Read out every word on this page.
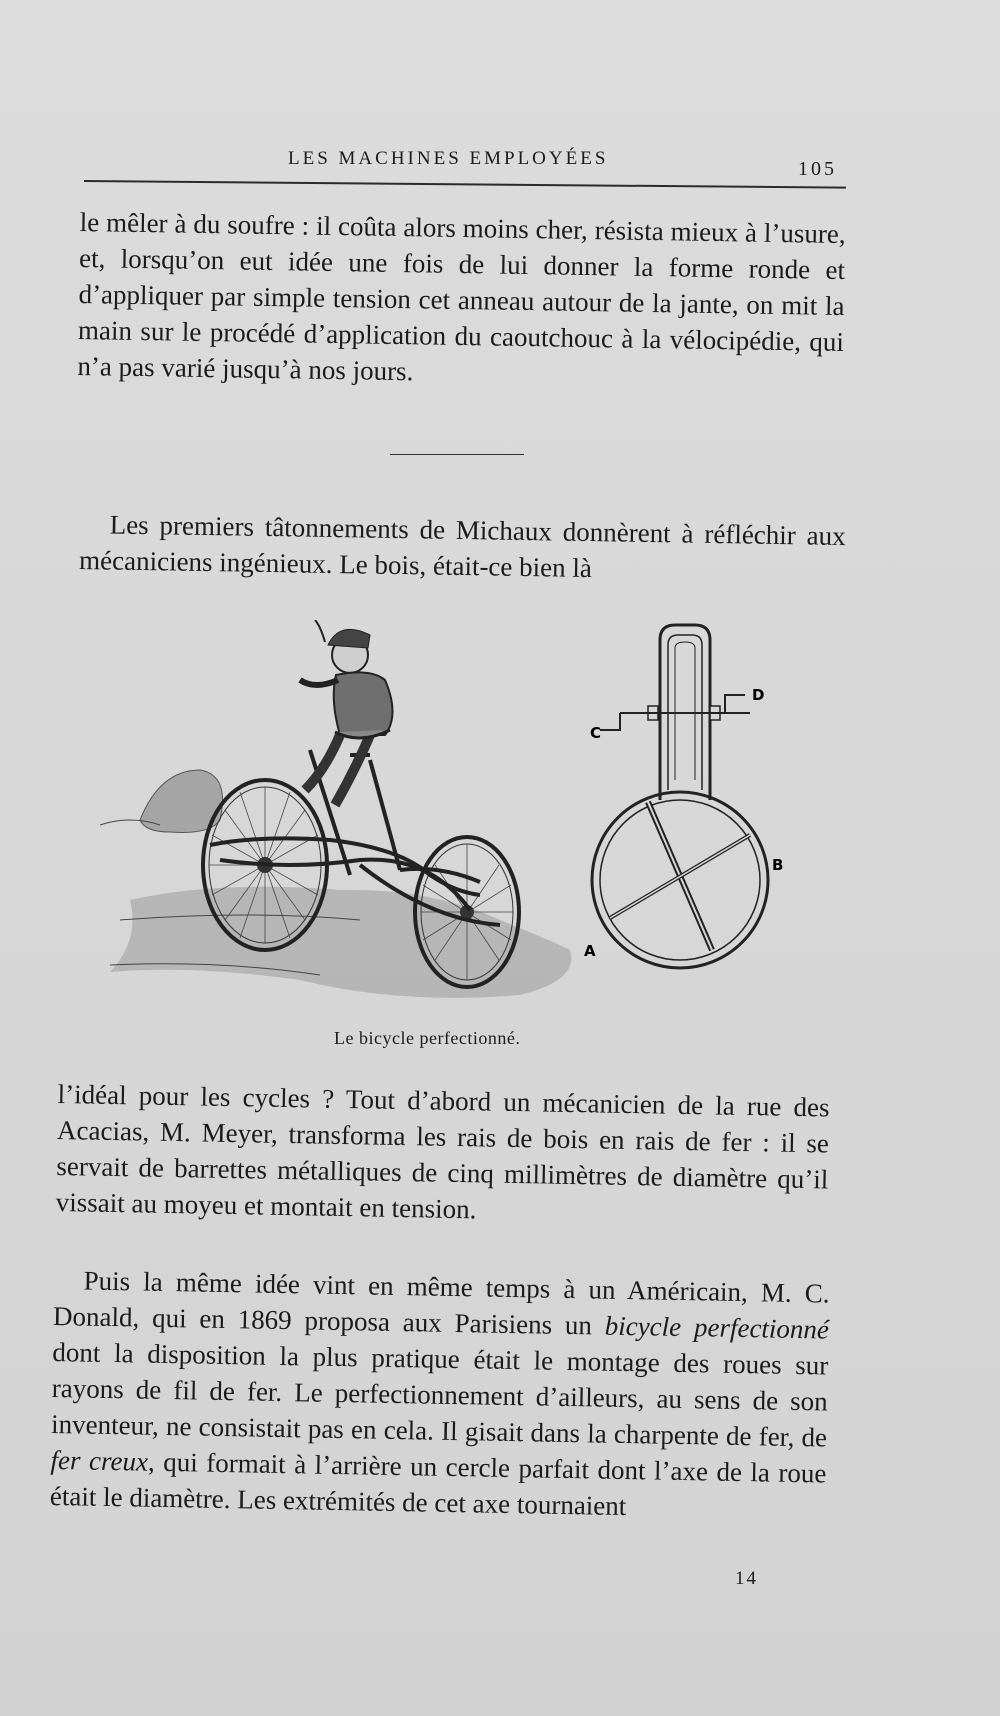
LES MACHINES EMPLOYÉES	105

le mêler à du soufre : il coûta alors moins cher, résista mieux à l’usure, et, lorsqu’on eut idée une fois de lui donner la forme ronde et d’appliquer par simple tension cet anneau autour de la jante, on mit la main sur le procédé d’application du caoutchouc à la vélocipédie, qui n’a pas varié jusqu’à nos jours.

Les premiers tâtonnements de Michaux donnèrent à réfléchir aux mécaniciens ingénieux. Le bois, était-ce bien là

C
D
B
A
Le bicycle perfectionné.

l’idéal pour les cycles ? Tout d’abord un mécanicien de la rue des Acacias, M. Meyer, transforma les rais de bois en rais de fer : il se servait de barrettes métalliques de cinq millimètres de diamètre qu’il vissait au moyeu et montait en tension.

Puis la même idée vint en même temps à un Américain, M. C. Donald, qui en 1869 proposa aux Parisiens un bicycle perfectionné dont la disposition la plus pratique était le montage des roues sur rayons de fil de fer. Le perfectionnement d’ailleurs, au sens de son inventeur, ne consistait pas en cela. Il gisait dans la charpente de fer, de fer creux, qui formait à l’arrière un cercle parfait dont l’axe de la roue était le diamètre. Les extrémités de cet axe tournaient

14
